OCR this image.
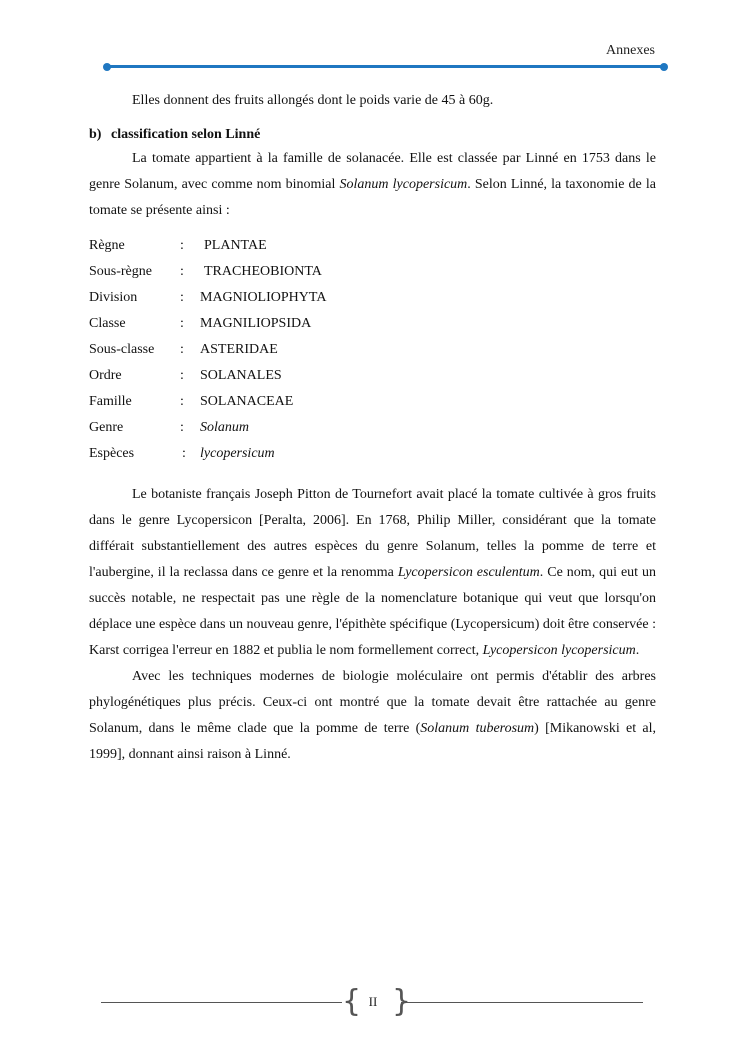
Annexes

Elles donnent des fruits allongés dont le poids varie de 45 à 60g.

b) classification selon Linné

La tomate appartient à la famille de solanacée. Elle est classée par Linné en 1753 dans le genre Solanum, avec comme nom binomial Solanum lycopersicum. Selon Linné, la taxonomie de la tomate se présente ainsi :

Règne	: PLANTAE
Sous-règne : TRACHEOBIONTA
Division	: MAGNIOLIOPHYTA
Classe	: MAGNILIOPSIDA
Sous-classe : ASTERIDAE
Ordre	: SOLANALES
Famille	: SOLANACEAE
Genre	: Solanum
Espèces	: lycopersicum

Le botaniste français Joseph Pitton de Tournefort avait placé la tomate cultivée à gros fruits dans le genre Lycopersicon [Peralta, 2006]. En 1768, Philip Miller, considérant que la tomate différait substantiellement des autres espèces du genre Solanum, telles la pomme de terre et l'aubergine, il la reclassa dans ce genre et la renomma Lycopersicon esculentum. Ce nom, qui eut un succès notable, ne respectait pas une règle de la nomenclature botanique qui veut que lorsqu'on déplace une espèce dans un nouveau genre, l'épithète spécifique (Lycopersicum) doit être conservée : Karst corrigea l'erreur en 1882 et publia le nom formellement correct, Lycopersicon lycopersicum.

Avec les techniques modernes de biologie moléculaire ont permis d'établir des arbres phylogénétiques plus précis. Ceux-ci ont montré que la tomate devait être rattachée au genre Solanum, dans le même clade que la pomme de terre (Solanum tuberosum) [Mikanowski et al, 1999], donnant ainsi raison à Linné.

{ }
II
